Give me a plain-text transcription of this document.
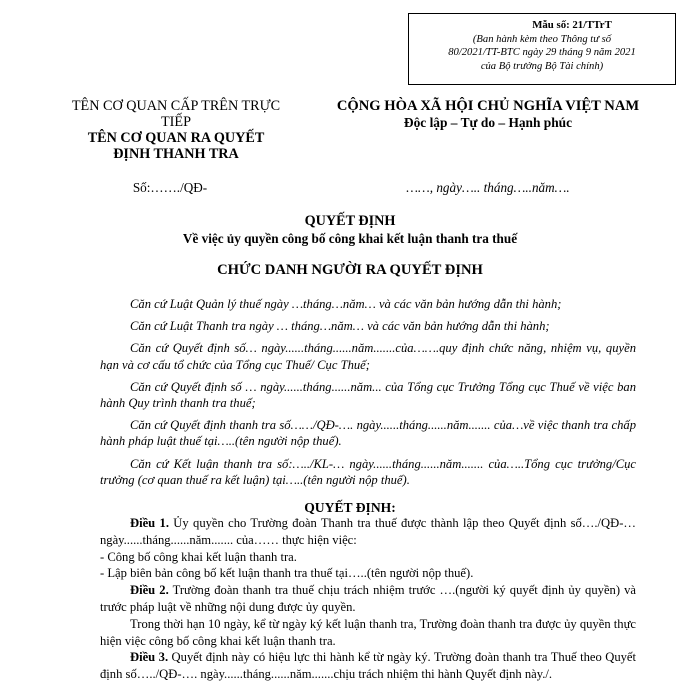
Mẫu số: 21/TTrT
(Ban hành kèm theo Thông tư số
80/2021/TT-BTC ngày 29 tháng 9 năm 2021
của Bộ trưởng Bộ Tài chính)
TÊN CƠ QUAN CẤP TRÊN TRỰC
TIẾP
TÊN CƠ QUAN RA QUYẾT
ĐỊNH THANH TRA
CỘNG HÒA XÃ HỘI CHỦ NGHĨA VIỆT NAM
Độc lập – Tự do – Hạnh phúc
Số:……./QĐ-	……, ngày….. tháng…..năm….
QUYẾT ĐỊNH
Về việc ủy quyền công bố công khai kết luận thanh tra thuế
CHỨC DANH NGƯỜI RA QUYẾT ĐỊNH

Căn cứ Luật Quản lý thuế ngày …tháng…năm… và các văn bản hướng dẫn thi hành;

Căn cứ Luật Thanh tra ngày … tháng…năm… và các văn bản hướng dẫn thi hành;

Căn cứ Quyết định số… ngày......tháng......năm.......của…….quy định chức năng, nhiệm vụ, quyền hạn và cơ cấu tổ chức của Tổng cục Thuế/ Cục Thuế;

Căn cứ Quyết định số … ngày......tháng......năm... của Tổng cục Trưởng Tổng cục Thuế về việc ban hành Quy trình thanh tra thuế;

Căn cứ Quyết định thanh tra số……/QĐ-…. ngày......tháng......năm....... của…về việc thanh tra chấp hành pháp luật thuế tại…..(tên người nộp thuế).

Căn cứ Kết luận thanh tra số:…../KL-… ngày......tháng......năm....... của…..Tổng cục trưởng/Cục trưởng (cơ quan thuế ra kết luận) tại…..(tên người nộp thuế).

QUYẾT ĐỊNH:

Điều 1. Ủy quyền cho Trường đoàn Thanh tra thuế được thành lập theo Quyết định số…./QĐ-… ngày......tháng......năm....... của…… thực hiện việc:

- Công bố công khai kết luận thanh tra.

- Lập biên bản công bố kết luận thanh tra thuế tại…..(tên người nộp thuế).

Điều 2. Trường đoàn thanh tra thuế chịu trách nhiệm trước ….(người ký quyết định ủy quyền) và trước pháp luật về những nội dung được ủy quyền.

Trong thời hạn 10 ngày, kể từ ngày ký kết luận thanh tra, Trường đoàn thanh tra được ủy quyền thực hiện việc công bố công khai kết luận thanh tra.

Điều 3. Quyết định này có hiệu lực thi hành kể từ ngày ký. Trường đoàn thanh tra Thuế theo Quyết định số…../QĐ-…. ngày......tháng......năm.......chịu trách nhiệm thi hành Quyết định này./.
